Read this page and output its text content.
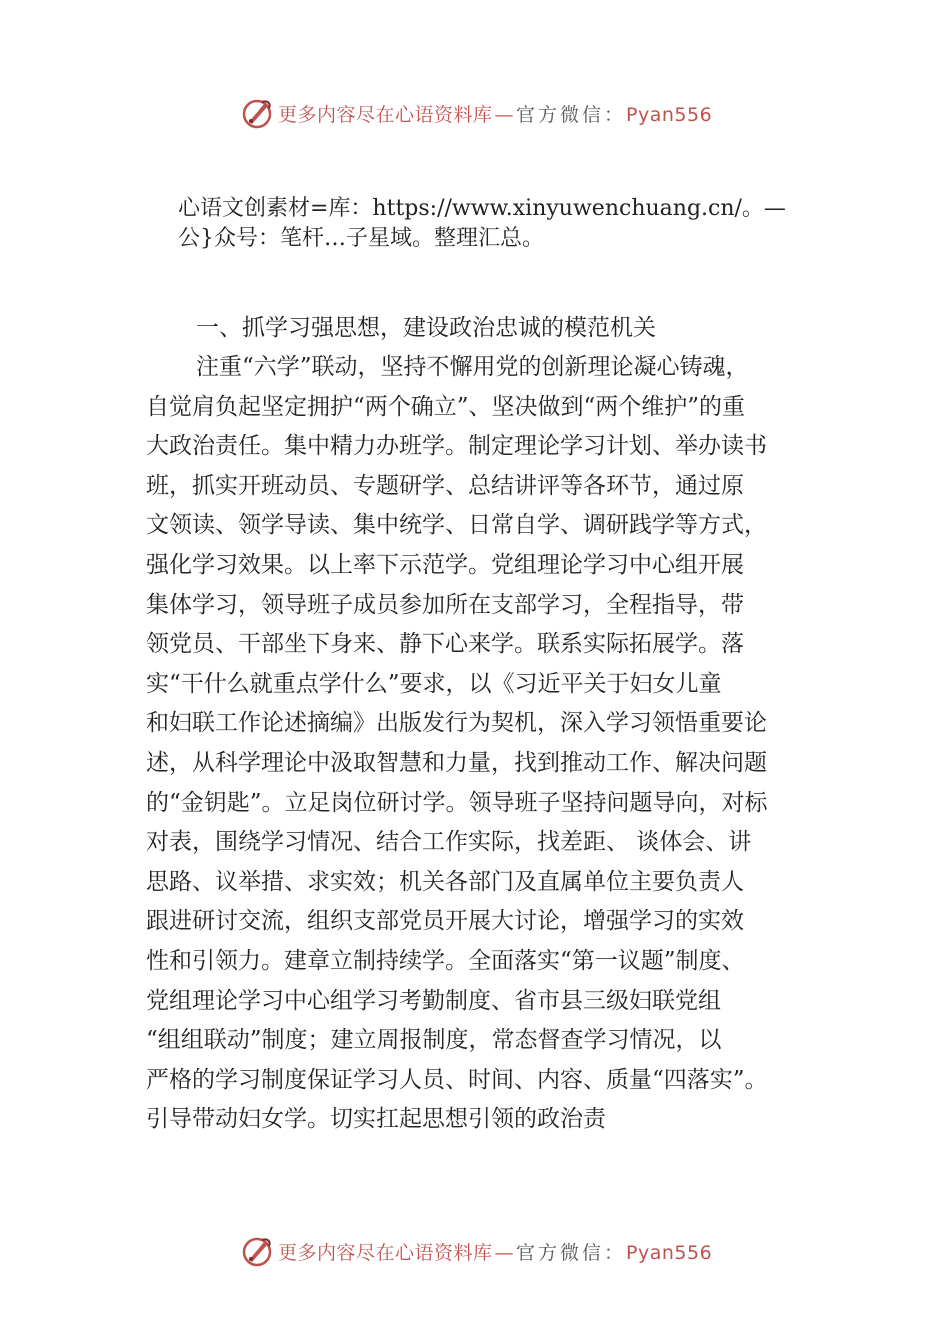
更多内容尽在心语资料库 — 官方微信：Pyan556

心语文创素材=库：https://www.xinyuwenchuang.cn/。—

公}众号：笔杆…子星域。整理汇总。

一、抓学习强思想，建设政治忠诚的模范机关

注重“六学”联动，坚持不懈用党的创新理论凝心铸魂，

自觉肩负起坚定拥护“两个确立”、坚决做到“两个维护”的重

大政治责任。集中精力办班学。制定理论学习计划、举办读书

班，抓实开班动员、专题研学、总结讲评等各环节，通过原

文领读、领学导读、集中统学、日常自学、调研践学等方式，

强化学习效果。以上率下示范学。党组理论学习中心组开展

集体学习，领导班子成员参加所在支部学习，全程指导，带

领党员、干部坐下身来、静下心来学。联系实际拓展学。落

实“干什么就重点学什么”要求，以《习近平关于妇女儿童

和妇联工作论述摘编》出版发行为契机，深入学习领悟重要论

述，从科学理论中汲取智慧和力量，找到推动工作、解决问题

的“金钥匙”。立足岗位研讨学。领导班子坚持问题导向，对标

对表，围绕学习情况、结合工作实际，找差距、 谈体会、讲

思路、议举措、求实效；机关各部门及直属单位主要负责人

跟进研讨交流，组织支部党员开展大讨论，增强学习的实效

性和引领力。建章立制持续学。全面落实“第一议题”制度、

党组理论学习中心组学习考勤制度、省市县三级妇联党组

“组组联动”制度；建立周报制度，常态督查学习情况，以

严格的学习制度保证学习人员、时间、内容、质量“四落实”。

引导带动妇女学。切实扛起思想引领的政治责

更多内容尽在心语资料库 — 官方微信：Pyan556
